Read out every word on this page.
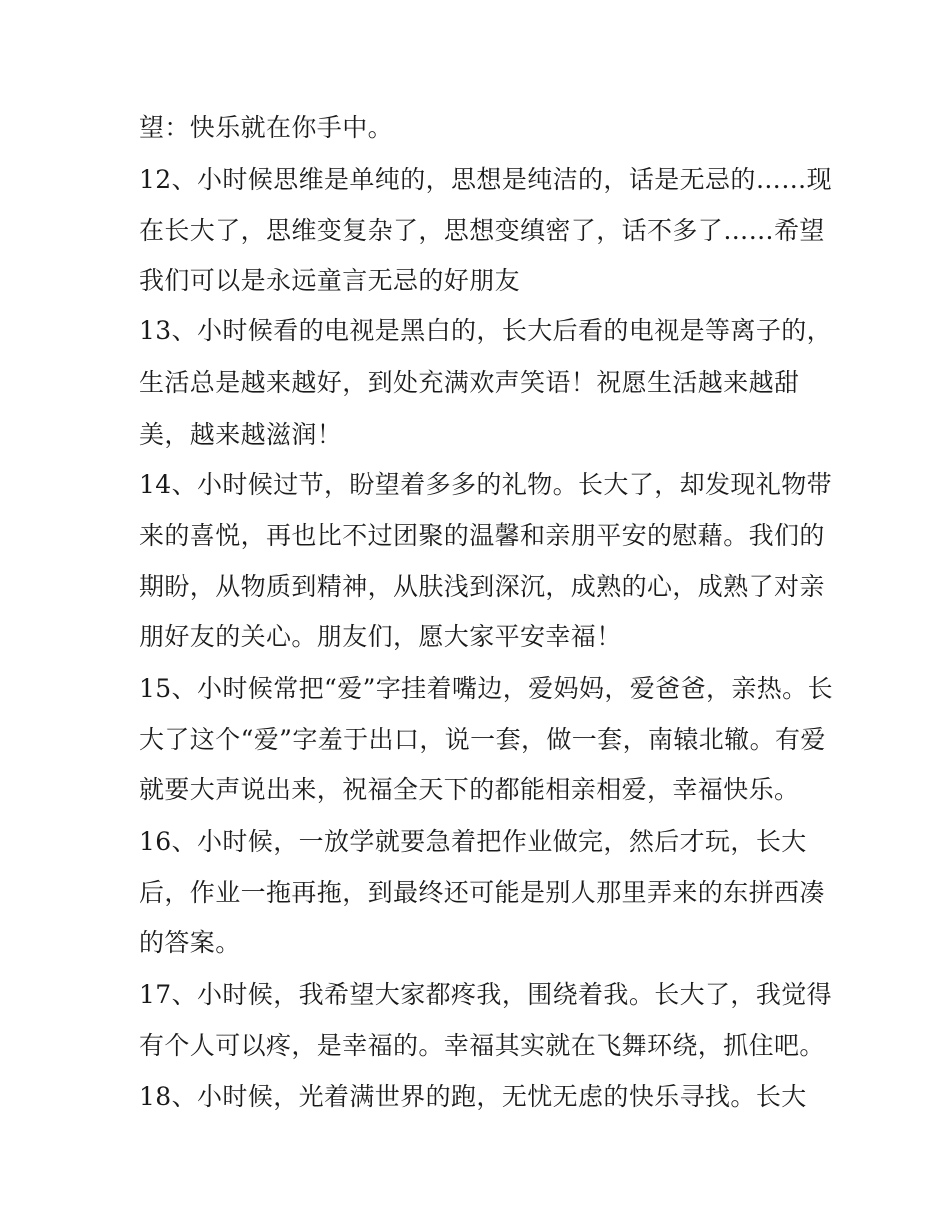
望：快乐就在你手中。
12、小时候思维是单纯的，思想是纯洁的，话是无忌的……现
在长大了，思维变复杂了，思想变缜密了，话不多了……希望
我们可以是永远童言无忌的好朋友
13、小时候看的电视是黑白的，长大后看的电视是等离子的，
生活总是越来越好，到处充满欢声笑语！祝愿生活越来越甜
美，越来越滋润！
14、小时候过节，盼望着多多的礼物。长大了，却发现礼物带
来的喜悦，再也比不过团聚的温馨和亲朋平安的慰藉。我们的
期盼，从物质到精神，从肤浅到深沉，成熟的心，成熟了对亲
朋好友的关心。朋友们，愿大家平安幸福！
15、小时候常把“爱”字挂着嘴边，爱妈妈，爱爸爸，亲热。长
大了这个“爱”字羞于出口，说一套，做一套，南辕北辙。有爱
就要大声说出来，祝福全天下的都能相亲相爱，幸福快乐。
16、小时候，一放学就要急着把作业做完，然后才玩，长大
后，作业一拖再拖，到最终还可能是别人那里弄来的东拼西凑
的答案。
17、小时候，我希望大家都疼我，围绕着我。长大了，我觉得
有个人可以疼，是幸福的。幸福其实就在飞舞环绕，抓住吧。
18、小时候，光着满世界的跑，无忧无虑的快乐寻找。长大
